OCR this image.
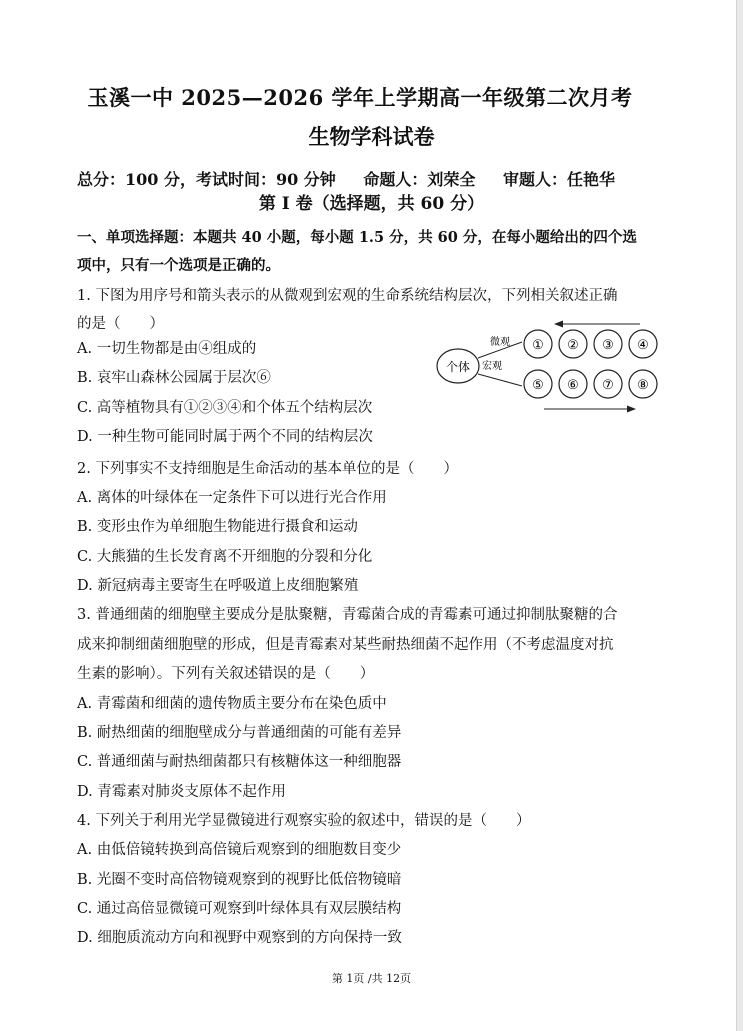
玉溪一中 2025—2026 学年上学期高一年级第二次月考
生物学科试卷
总分：100 分，考试时间：90 分钟 命题人：刘荣全 审题人：任艳华
第 I 卷（选择题，共 60 分）
一、单项选择题：本题共 40 小题，每小题 1.5 分，共 60 分，在每小题给出的四个选
项中，只有一个选项是正确的。
1. 下图为用序号和箭头表示的从微观到宏观的生命系统结构层次，下列相关叙述正确
的是（　　）
A. 一切生物都是由④组成的
B. 哀牢山森林公园属于层次⑥
C. 高等植物具有①②③④和个体五个结构层次
D. 一种生物可能同时属于两个不同的结构层次
个体
微观
宏观
① ② ③ ④
⑤ ⑥ ⑦ ⑧
2. 下列事实不支持细胞是生命活动的基本单位的是（　　）
A. 离体的叶绿体在一定条件下可以进行光合作用
B. 变形虫作为单细胞生物能进行摄食和运动
C. 大熊猫的生长发育离不开细胞的分裂和分化
D. 新冠病毒主要寄生在呼吸道上皮细胞繁殖
3. 普通细菌的细胞壁主要成分是肽聚糖，青霉菌合成的青霉素可通过抑制肽聚糖的合
成来抑制细菌细胞壁的形成，但是青霉素对某些耐热细菌不起作用（不考虑温度对抗
生素的影响）。下列有关叙述错误的是（　　）
A. 青霉菌和细菌的遗传物质主要分布在染色质中
B. 耐热细菌的细胞壁成分与普通细菌的可能有差异
C. 普通细菌与耐热细菌都只有核糖体这一种细胞器
D. 青霉素对肺炎支原体不起作用
4. 下列关于利用光学显微镜进行观察实验的叙述中，错误的是（　　）
A. 由低倍镜转换到高倍镜后观察到的细胞数目变少
B. 光圈不变时高倍物镜观察到的视野比低倍物镜暗
C. 通过高倍显微镜可观察到叶绿体具有双层膜结构
D. 细胞质流动方向和视野中观察到的方向保持一致
第 1页 /共 12页
